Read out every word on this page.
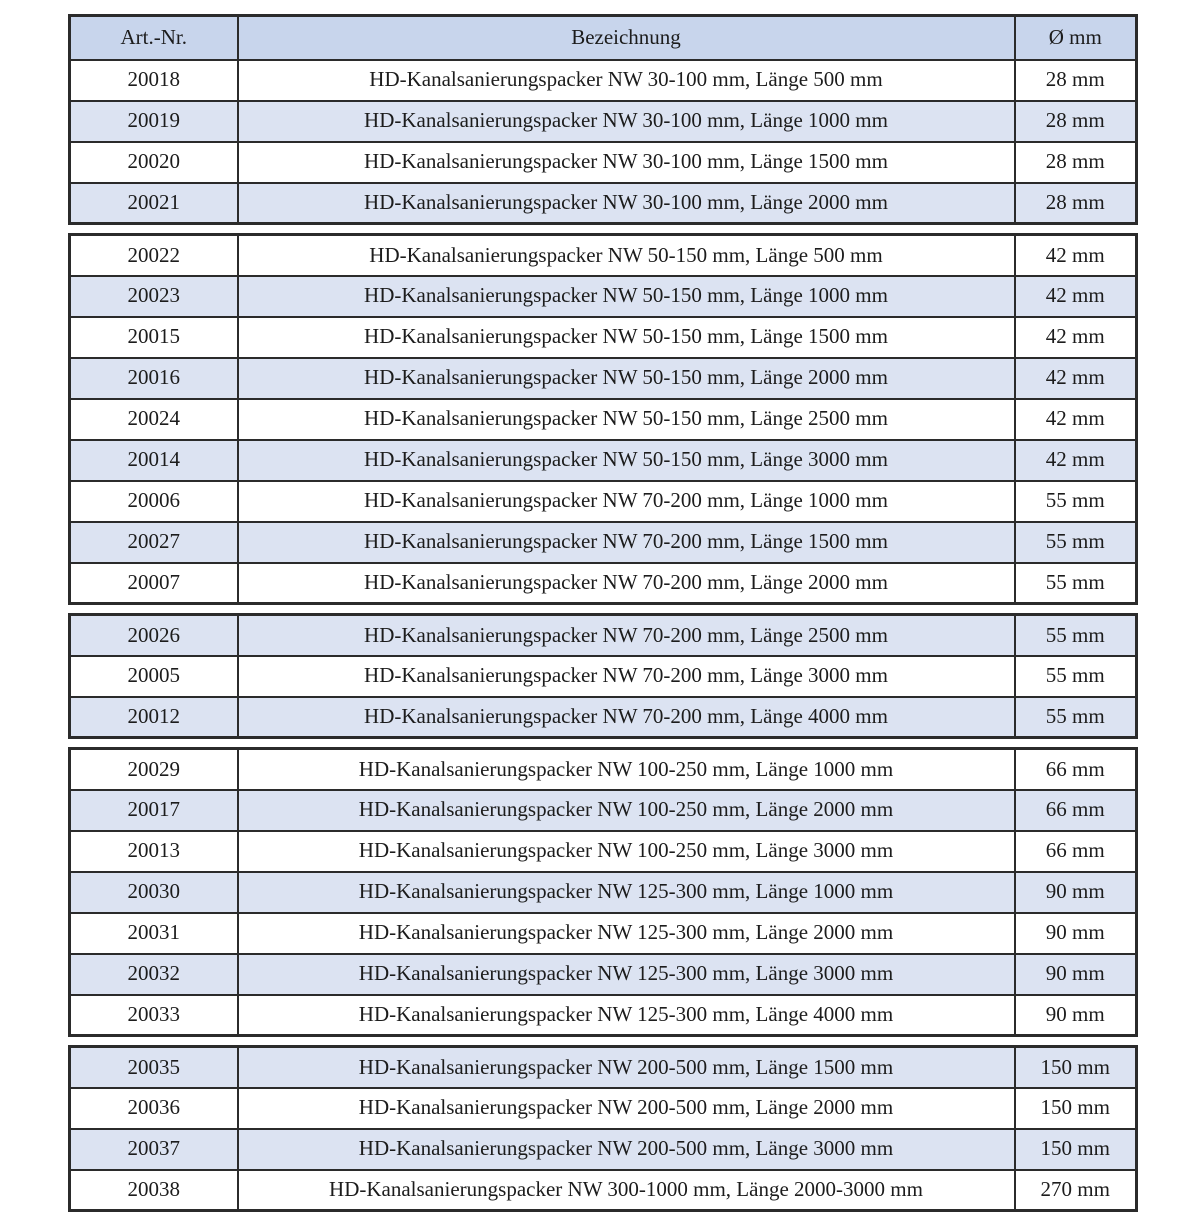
Art.-Nr.	Bezeichnung	Ø mm
20018	HD-Kanalsanierungspacker NW 30-100 mm, Länge 500 mm	28 mm
20019	HD-Kanalsanierungspacker NW 30-100 mm, Länge 1000 mm	28 mm
20020	HD-Kanalsanierungspacker NW 30-100 mm, Länge 1500 mm	28 mm
20021	HD-Kanalsanierungspacker NW 30-100 mm, Länge 2000 mm	28 mm
20022	HD-Kanalsanierungspacker NW 50-150 mm, Länge 500 mm	42 mm
20023	HD-Kanalsanierungspacker NW 50-150 mm, Länge 1000 mm	42 mm
20015	HD-Kanalsanierungspacker NW 50-150 mm, Länge 1500 mm	42 mm
20016	HD-Kanalsanierungspacker NW 50-150 mm, Länge 2000 mm	42 mm
20024	HD-Kanalsanierungspacker NW 50-150 mm, Länge 2500 mm	42 mm
20014	HD-Kanalsanierungspacker NW 50-150 mm, Länge 3000 mm	42 mm
20006	HD-Kanalsanierungspacker NW 70-200 mm, Länge 1000 mm	55 mm
20027	HD-Kanalsanierungspacker NW 70-200 mm, Länge 1500 mm	55 mm
20007	HD-Kanalsanierungspacker NW 70-200 mm, Länge 2000 mm	55 mm
20026	HD-Kanalsanierungspacker NW 70-200 mm, Länge 2500 mm	55 mm
20005	HD-Kanalsanierungspacker NW 70-200 mm, Länge 3000 mm	55 mm
20012	HD-Kanalsanierungspacker NW 70-200 mm, Länge 4000 mm	55 mm
20029	HD-Kanalsanierungspacker NW 100-250 mm, Länge 1000 mm	66 mm
20017	HD-Kanalsanierungspacker NW 100-250 mm, Länge 2000 mm	66 mm
20013	HD-Kanalsanierungspacker NW 100-250 mm, Länge 3000 mm	66 mm
20030	HD-Kanalsanierungspacker NW 125-300 mm, Länge 1000 mm	90 mm
20031	HD-Kanalsanierungspacker NW 125-300 mm, Länge 2000 mm	90 mm
20032	HD-Kanalsanierungspacker NW 125-300 mm, Länge 3000 mm	90 mm
20033	HD-Kanalsanierungspacker NW 125-300 mm, Länge 4000 mm	90 mm
20035	HD-Kanalsanierungspacker NW 200-500 mm, Länge 1500 mm	150 mm
20036	HD-Kanalsanierungspacker NW 200-500 mm, Länge 2000 mm	150 mm
20037	HD-Kanalsanierungspacker NW 200-500 mm, Länge 3000 mm	150 mm
20038	HD-Kanalsanierungspacker NW 300-1000 mm, Länge 2000-3000 mm	270 mm
